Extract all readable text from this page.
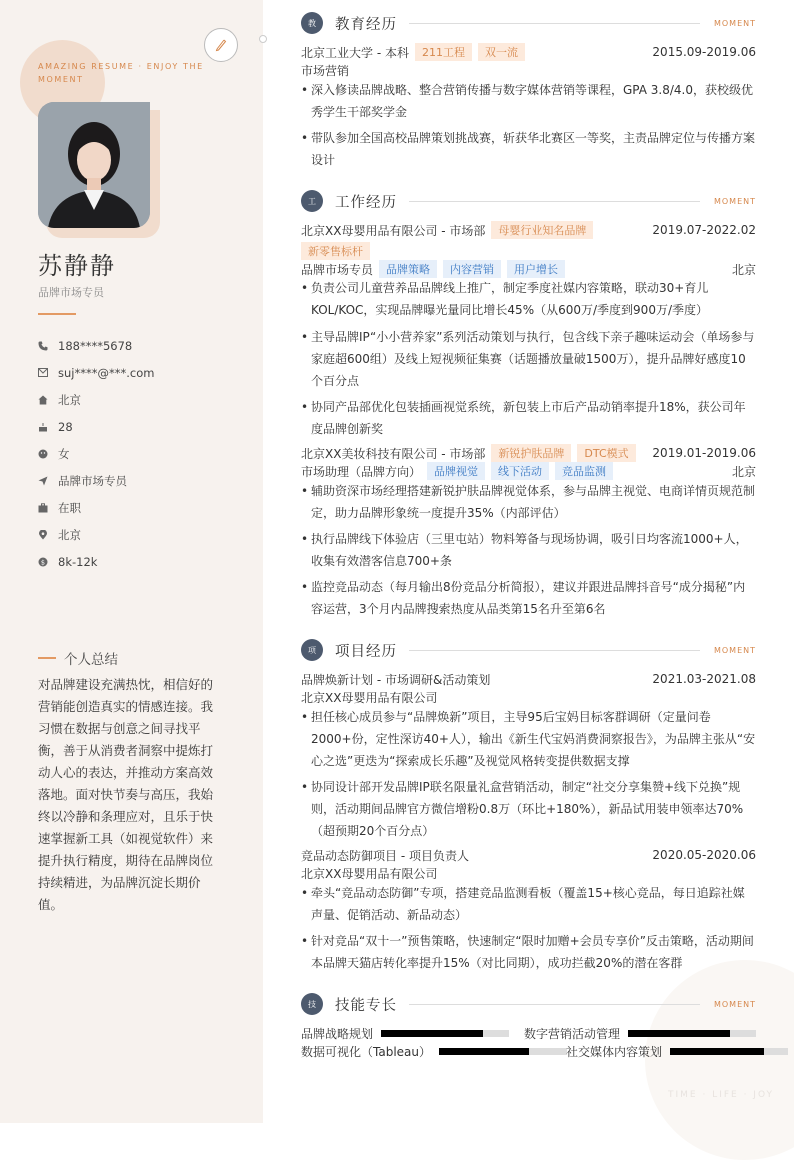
AMAZING RESUME · ENJOY THE MOMENT
苏静静
品牌市场专员
188****5678
suj****@***.com
北京
28
女
品牌市场专员
在职
北京
$ 8k-12k
个人总结
对品牌建设充满热忱，相信好的营销能创造真实的情感连接。我习惯在数据与创意之间寻找平衡，善于从消费者洞察中提炼打动人心的表达，并推动方案高效落地。面对快节奏与高压，我始终以冷静和条理应对，且乐于快速掌握新工具（如视觉软件）来提升执行精度，期待在品牌岗位持续精进，为品牌沉淀长期价值。
教	教育经历	MOMENT
北京工业大学 - 本科	211工程	双一流	2015.09-2019.06
市场营销
• 深入修读品牌战略、整合营销传播与数字媒体营销等课程，GPA 3.8/4.0，获校级优秀学生干部奖学金
• 带队参加全国高校品牌策划挑战赛，斩获华北赛区一等奖，主责品牌定位与传播方案设计
工	工作经历	MOMENT
北京XX母婴用品有限公司 - 市场部	母婴行业知名品牌	2019.07-2022.02
新零售标杆
品牌市场专员	品牌策略	内容营销	用户增长	北京
• 负责公司儿童营养品品牌线上推广，制定季度社媒内容策略，联动30+育儿KOL/KOC，实现品牌曝光量同比增长45%（从600万/季度到900万/季度）
• 主导品牌IP“小小营养家”系列活动策划与执行，包含线下亲子趣味运动会（单场参与家庭超600组）及线上短视频征集赛（话题播放量破1500万），提升品牌好感度10个百分点
• 协同产品部优化包装插画视觉系统，新包装上市后产品动销率提升18%，获公司年度品牌创新奖
北京XX美妆科技有限公司 - 市场部	新锐护肤品牌	DTC模式	2019.01-2019.06
市场助理（品牌方向）	品牌视觉	线下活动	竞品监测	北京
• 辅助资深市场经理搭建新锐护肤品牌视觉体系，参与品牌主视觉、电商详情页规范制定，助力品牌形象统一度提升35%（内部评估）
• 执行品牌线下体验店（三里屯站）物料筹备与现场协调，吸引日均客流1000+人，收集有效潜客信息700+条
• 监控竞品动态（每月输出8份竞品分析简报），建议并跟进品牌抖音号“成分揭秘”内容运营，3个月内品牌搜索热度从品类第15名升至第6名
项	项目经历	MOMENT
品牌焕新计划 - 市场调研&活动策划	2021.03-2021.08
北京XX母婴用品有限公司
• 担任核心成员参与“品牌焕新”项目，主导95后宝妈目标客群调研（定量问卷2000+份，定性深访40+人），输出《新生代宝妈消费洞察报告》，为品牌主张从“安心之选”更迭为“探索成长乐趣”及视觉风格转变提供数据支撑
• 协同设计部开发品牌IP联名限量礼盒营销活动，制定“社交分享集赞+线下兑换”规则，活动期间品牌官方微信增粉0.8万（环比+180%），新品试用装申领率达70%（超预期20个百分点）
竞品动态防御项目 - 项目负责人	2020.05-2020.06
北京XX母婴用品有限公司
• 牵头“竞品动态防御”专项，搭建竞品监测看板（覆盖15+核心竞品，每日追踪社媒声量、促销活动、新品动态）
• 针对竞品“双十一”预售策略，快速制定“限时加赠+会员专享价”反击策略，活动期间本品牌天猫店转化率提升15%（对比同期），成功拦截20%的潜在客群
TIME · LIFE · JOY
技	技能专长	MOMENT
品牌战略规划	数字营销活动管理
数据可视化（Tableau）	社交媒体内容策划
